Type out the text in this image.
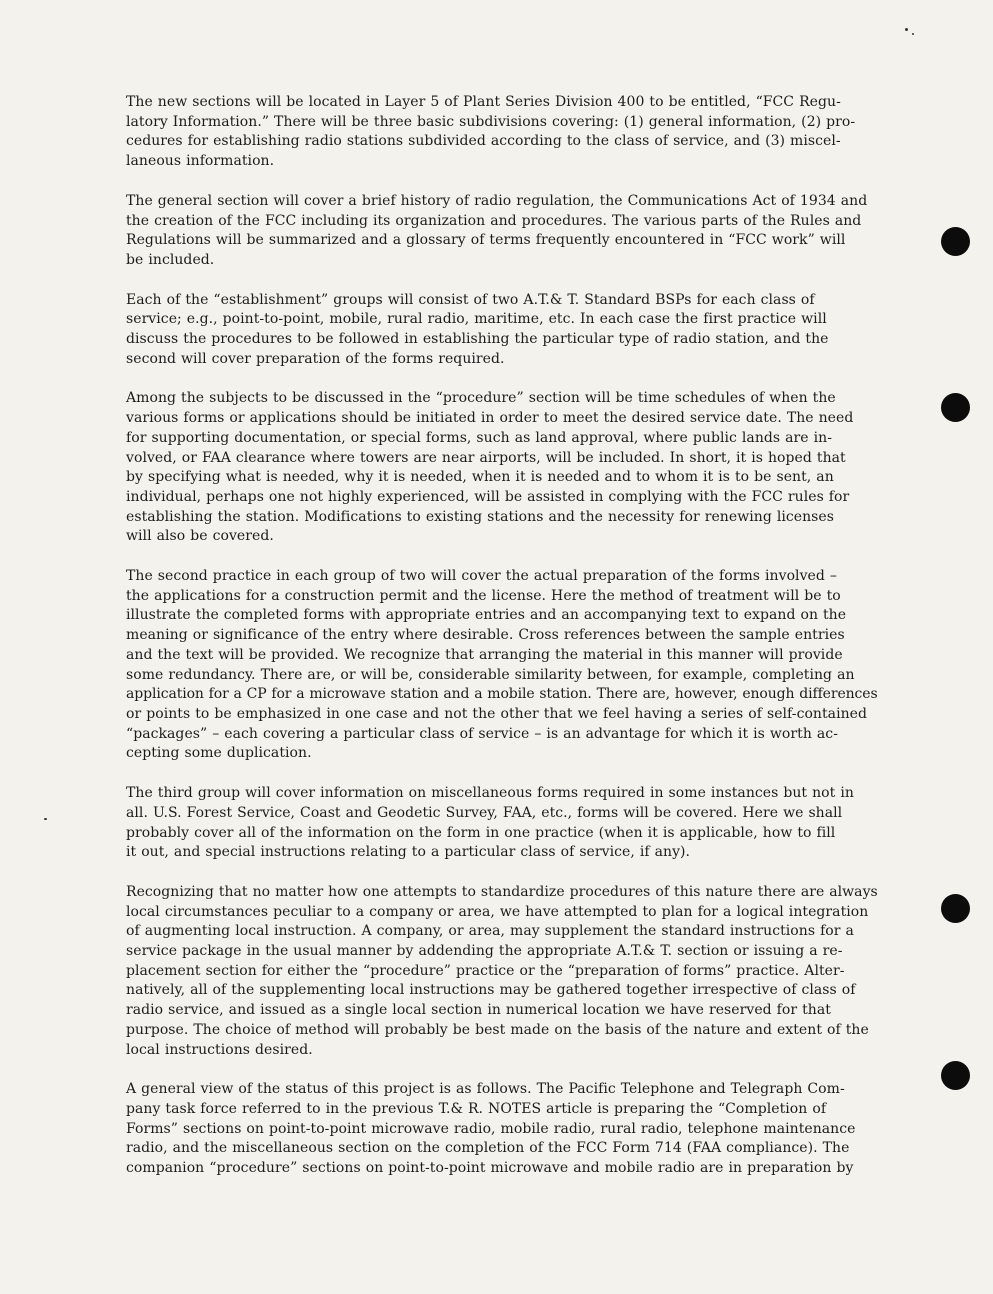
The new sections will be located in Layer 5 of Plant Series Division 400 to be entitled, “FCC Regu-
latory Information.” There will be three basic subdivisions covering: (1) general information, (2) pro-
cedures for establishing radio stations subdivided according to the class of service, and (3) miscel-
laneous information.

The general section will cover a brief history of radio regulation, the Communications Act of 1934 and
the creation of the FCC including its organization and procedures. The various parts of the Rules and
Regulations will be summarized and a glossary of terms frequently encountered in “FCC work” will
be included.

Each of the “establishment” groups will consist of two A.T.& T. Standard BSPs for each class of
service; e.g., point-to-point, mobile, rural radio, maritime, etc. In each case the first practice will
discuss the procedures to be followed in establishing the particular type of radio station, and the
second will cover preparation of the forms required.

Among the subjects to be discussed in the “procedure” section will be time schedules of when the
various forms or applications should be initiated in order to meet the desired service date. The need
for supporting documentation, or special forms, such as land approval, where public lands are in-
volved, or FAA clearance where towers are near airports, will be included. In short, it is hoped that
by specifying what is needed, why it is needed, when it is needed and to whom it is to be sent, an
individual, perhaps one not highly experienced, will be assisted in complying with the FCC rules for
establishing the station. Modifications to existing stations and the necessity for renewing licenses
will also be covered.

The second practice in each group of two will cover the actual preparation of the forms involved –
the applications for a construction permit and the license. Here the method of treatment will be to
illustrate the completed forms with appropriate entries and an accompanying text to expand on the
meaning or significance of the entry where desirable. Cross references between the sample entries
and the text will be provided. We recognize that arranging the material in this manner will provide
some redundancy. There are, or will be, considerable similarity between, for example, completing an
application for a CP for a microwave station and a mobile station. There are, however, enough differences
or points to be emphasized in one case and not the other that we feel having a series of self-contained
“packages” – each covering a particular class of service – is an advantage for which it is worth ac-
cepting some duplication.

The third group will cover information on miscellaneous forms required in some instances but not in
all. U.S. Forest Service, Coast and Geodetic Survey, FAA, etc., forms will be covered. Here we shall
probably cover all of the information on the form in one practice (when it is applicable, how to fill
it out, and special instructions relating to a particular class of service, if any).

Recognizing that no matter how one attempts to standardize procedures of this nature there are always
local circumstances peculiar to a company or area, we have attempted to plan for a logical integration
of augmenting local instruction. A company, or area, may supplement the standard instructions for a
service package in the usual manner by addending the appropriate A.T.& T. section or issuing a re-
placement section for either the “procedure” practice or the “preparation of forms” practice. Alter-
natively, all of the supplementing local instructions may be gathered together irrespective of class of
radio service, and issued as a single local section in numerical location we have reserved for that
purpose. The choice of method will probably be best made on the basis of the nature and extent of the
local instructions desired.

A general view of the status of this project is as follows. The Pacific Telephone and Telegraph Com-
pany task force referred to in the previous T.& R. NOTES article is preparing the “Completion of
Forms” sections on point-to-point microwave radio, mobile radio, rural radio, telephone maintenance
radio, and the miscellaneous section on the completion of the FCC Form 714 (FAA compliance). The
companion “procedure” sections on point-to-point microwave and mobile radio are in preparation by
